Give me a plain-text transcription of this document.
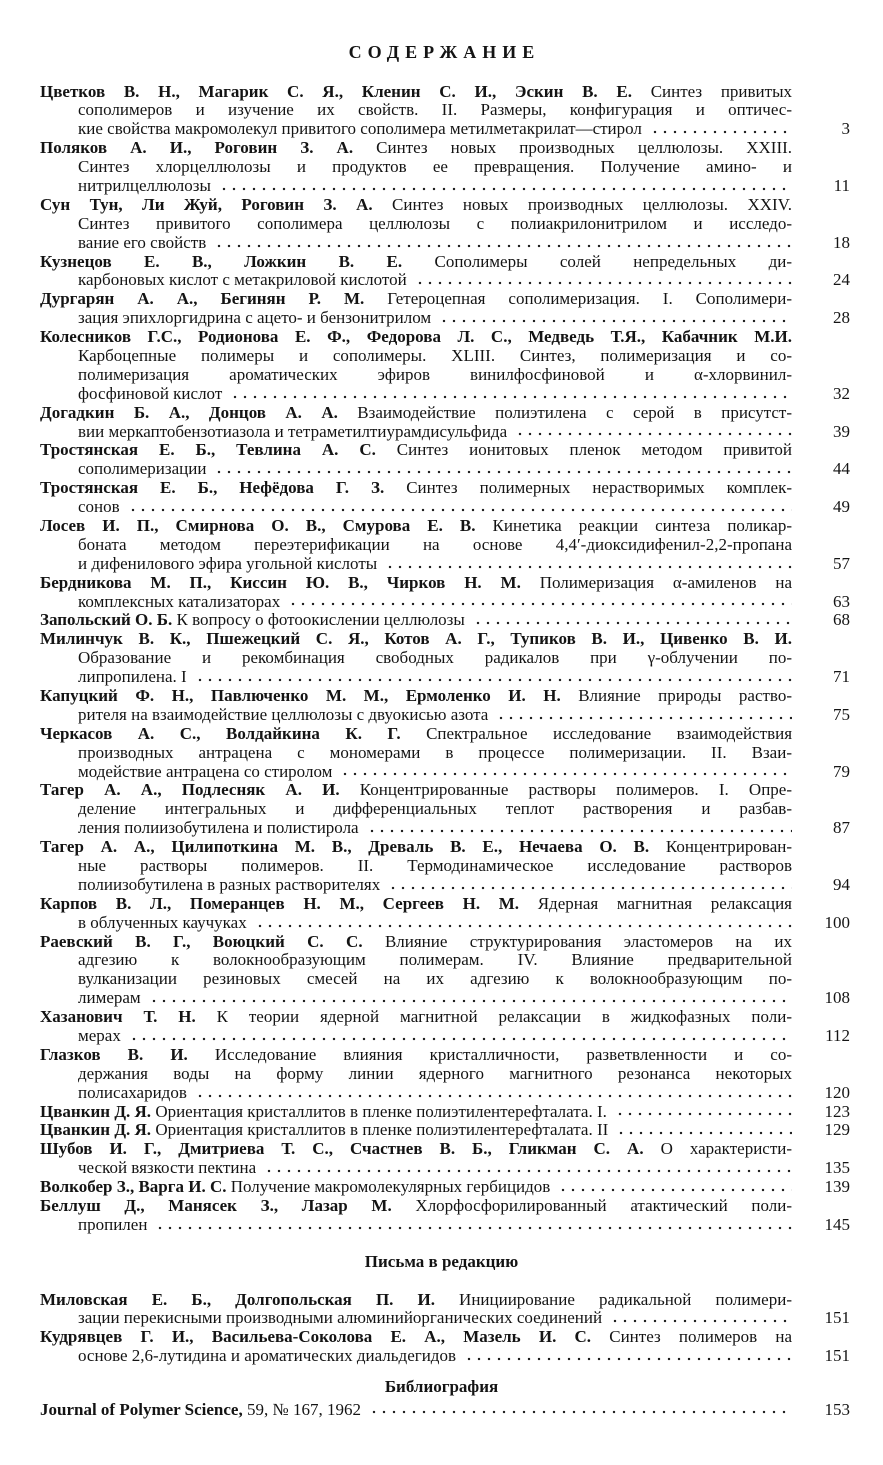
СОДЕРЖАНИЕ
Цветков В. Н., Магарик С. Я., Кленин С. И., Эскин В. Е. Синтез привитых
сополимеров и изучение их свойств. II. Размеры, конфигурация и оптичес-
кие свойства макромолекул привитого сополимера метилметакрилат—стирол	3
Поляков А. И., Роговин З. А. Синтез новых производных целлюлозы. XXIII.
Синтез хлорцеллюлозы и продуктов ее превращения. Получение амино- и
нитрилцеллюлозы	11
Сун Тун, Ли Жуй, Роговин З. А. Синтез новых производных целлюлозы. XXIV.
Синтез привитого сополимера целлюлозы с полиакрилонитрилом и исследо-
вание его свойств	18
Кузнецов Е. В., Ложкин В. Е. Сополимеры солей непредельных ди-
карбоновых кислот с метакриловой кислотой	24
Дургарян А. А., Бегинян Р. М. Гетероцепная сополимеризация. I. Сополимери-
зация эпихлоргидрина с ацето- и бензонитрилом	28
Колесников Г.С., Родионова Е. Ф., Федорова Л. С., Медведь Т.Я., Кабачник М.И.
Карбоцепные полимеры и сополимеры. XLIII. Синтез, полимеризация и со-
полимеризация ароматических эфиров винилфосфиновой и α-хлорвинил-
фосфиновой кислот	32
Догадкин Б. А., Донцов А. А. Взаимодействие полиэтилена с серой в присутст-
вии меркаптобензотиазола и тетраметилтиурамдисульфида	39
Тростянская Е. Б., Тевлина А. С. Синтез ионитовых пленок методом привитой
сополимеризации	44
Тростянская Е. Б., Нефёдова Г. З. Синтез полимерных нерастворимых комплек-
сонов	49
Лосев И. П., Смирнова О. В., Смурова Е. В. Кинетика реакции синтеза поликар-
боната методом переэтерификации на основе 4,4′-диоксидифенил-2,2-пропана
и дифенилового эфира угольной кислоты	57
Бердникова М. П., Киссин Ю. В., Чирков Н. М. Полимеризация α-амиленов на
комплексных катализаторах	63
Запольский О. Б. К вопросу о фотоокислении целлюлозы	68
Милинчук В. К., Пшежецкий С. Я., Котов А. Г., Тупиков В. И., Цивенко В. И.
Образование и рекомбинация свободных радикалов при γ-облучении по-
липропилена. I	71
Капуцкий Ф. Н., Павлюченко М. М., Ермоленко И. Н. Влияние природы раство-
рителя на взаимодействие целлюлозы с двуокисью азота	75
Черкасов А. С., Волдайкина К. Г. Спектральное исследование взаимодействия
производных антрацена с мономерами в процессе полимеризации. II. Взаи-
модействие антрацена со стиролом	79
Тагер А. А., Подлесняк А. И. Концентрированные растворы полимеров. I. Опре-
деление интегральных и дифференциальных теплот растворения и разбав-
ления полиизобутилена и полистирола	87
Тагер А. А., Цилипоткина М. В., Древаль В. Е., Нечаева О. В. Концентрирован-
ные растворы полимеров. II. Термодинамическое исследование растворов
полиизобутилена в разных растворителях	94
Карпов В. Л., Померанцев Н. М., Сергеев Н. М. Ядерная магнитная релаксация
в облученных каучуках	100
Раевский В. Г., Воюцкий С. С. Влияние структурирования эластомеров на их
адгезию к волокнообразующим полимерам. IV. Влияние предварительной
вулканизации резиновых смесей на их адгезию к волокнообразующим по-
лимерам	108
Хазанович Т. Н. К теории ядерной магнитной релаксации в жидкофазных поли-
мерах	112
Глазков В. И. Исследование влияния кристалличности, разветвленности и со-
держания воды на форму линии ядерного магнитного резонанса некоторых
полисахаридов	120
Цванкин Д. Я. Ориентация кристаллитов в пленке полиэтилентерефталата. I.	123
Цванкин Д. Я. Ориентация кристаллитов в пленке полиэтилентерефталата. II	129
Шубов И. Г., Дмитриева Т. С., Счастнев В. Б., Гликман С. А. О характеристи-
ческой вязкости пектина	135
Волкобер З., Варга И. С. Получение макромолекулярных гербицидов	139
Беллуш Д., Манясек З., Лазар М. Хлорфосфорилированный атактический поли-
пропилен	145
Письма в редакцию
Миловская Е. Б., Долгопольская П. И. Инициирование радикальной полимери-
зации перекисными производными алюминийорганических соединений	151
Кудрявцев Г. И., Васильева-Соколова Е. А., Мазель И. С. Синтез полимеров на
основе 2,6-лутидина и ароматических диальдегидов	151
Библиография
Journal of Polymer Science, 59, № 167, 1962	153
